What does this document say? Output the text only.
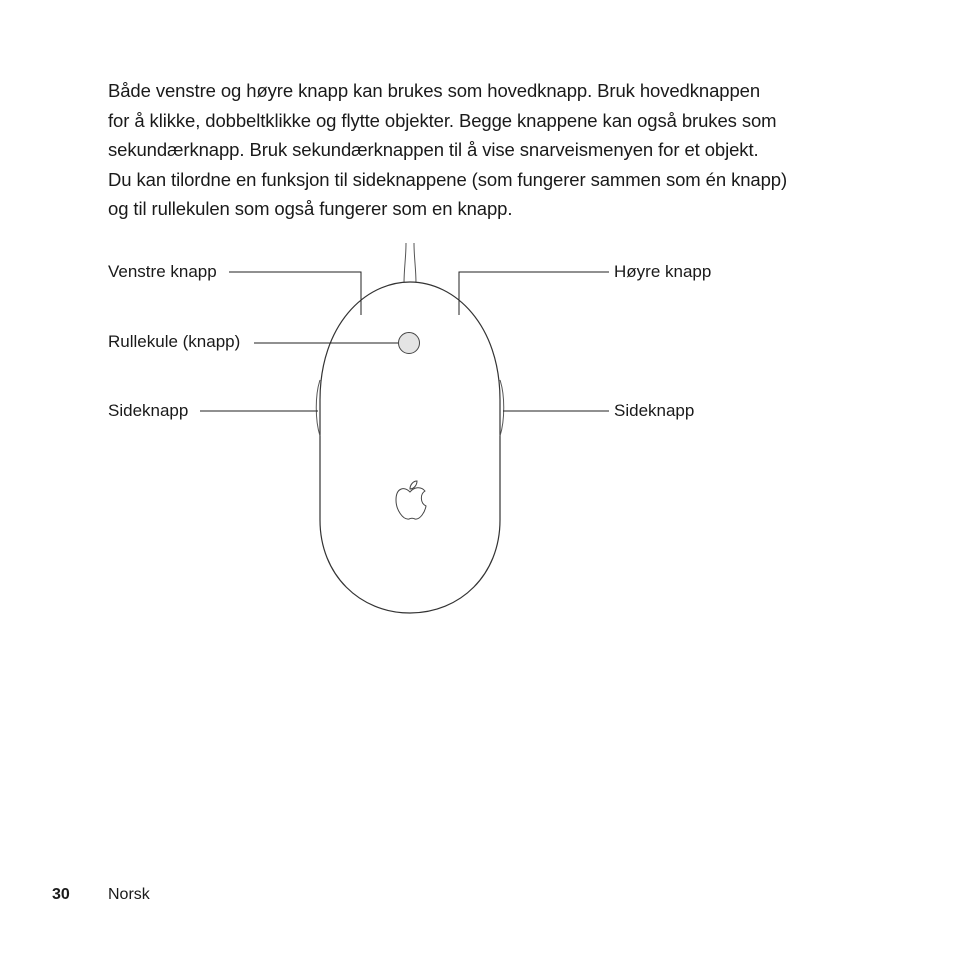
Både venstre og høyre knapp kan brukes som hovedknapp. Bruk hovedknappen
for å klikke, dobbeltklikke og flytte objekter. Begge knappene kan også brukes som
sekundærknapp. Bruk sekundærknappen til å vise snarveismenyen for et objekt.
Du kan tilordne en funksjon til sideknappene (som fungerer sammen som én knapp)
og til rullekulen som også fungerer som en knapp.
Venstre knapp	Høyre knapp
Rullekule (knapp)
Sideknapp	Sideknapp
30 Norsk
